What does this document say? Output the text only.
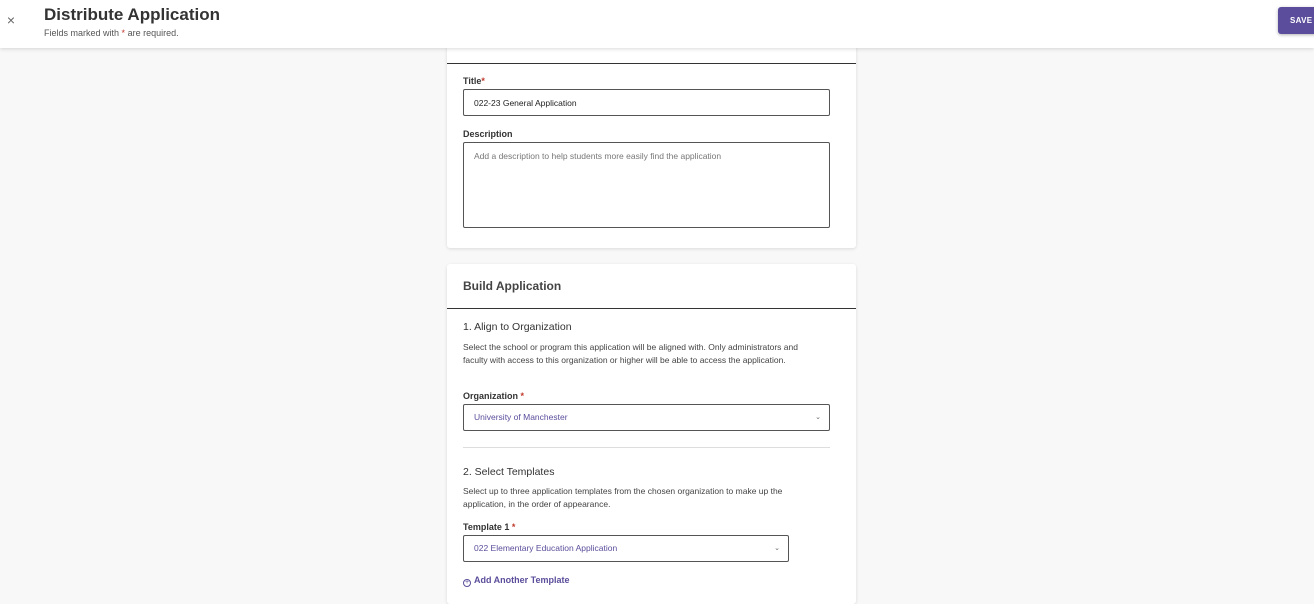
× Distribute Application
Fields marked with * are required.
SAVE
Title*
022-23 General Application
Description
Add a description to help students more easily find the application
Build Application
1. Align to Organization
Select the school or program this application will be aligned with. Only administrators and faculty with access to this organization or higher will be able to access the application.
Organization *
University of Manchester	⌄
2. Select Templates
Select up to three application templates from the chosen organization to make up the application, in the order of appearance.
Template 1 *
022 Elementary Education Application	⌄
+ Add Another Template
